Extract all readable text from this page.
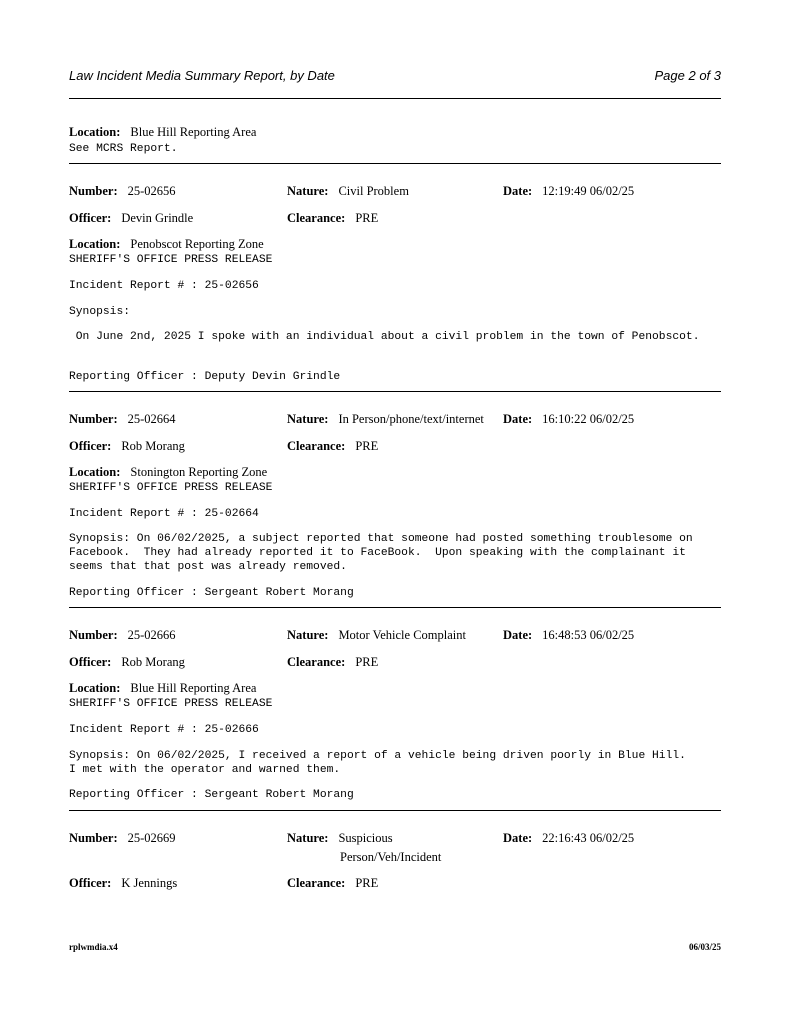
Law Incident Media Summary Report, by Date	Page 2 of 3
Location: Blue Hill Reporting Area
See MCRS Report.
Number: 25-02656	Nature: Civil Problem	Date: 12:19:49 06/02/25
Officer: Devin Grindle	Clearance: PRE
Location: Penobscot Reporting Zone
SHERIFF'S OFFICE PRESS RELEASE
Incident Report # : 25-02656
Synopsis:
On June 2nd, 2025 I spoke with an individual about a civil problem in the town of Penobscot.
Reporting Officer : Deputy Devin Grindle
Number: 25-02664	Nature: In Person/phone/text/internet Date: 16:10:22 06/02/25
Officer: Rob Morang	Clearance: PRE
Location: Stonington Reporting Zone
SHERIFF'S OFFICE PRESS RELEASE
Incident Report # : 25-02664
Synopsis: On 06/02/2025, a subject reported that someone had posted something troublesome on
Facebook.  They had already reported it to FaceBook.  Upon speaking with the complainant it
seems that that post was already removed.
Reporting Officer : Sergeant Robert Morang
Number: 25-02666	Nature: Motor Vehicle Complaint	Date: 16:48:53 06/02/25
Officer: Rob Morang	Clearance: PRE
Location: Blue Hill Reporting Area
SHERIFF'S OFFICE PRESS RELEASE
Incident Report # : 25-02666
Synopsis: On 06/02/2025, I received a report of a vehicle being driven poorly in Blue Hill.
I met with the operator and warned them.
Reporting Officer : Sergeant Robert Morang
Number: 25-02669	Nature: Suspicious
Person/Veh/Incident
Date: 22:16:43 06/02/25
Officer: K Jennings	Clearance: PRE
rplwmdia.x4	06/03/25
